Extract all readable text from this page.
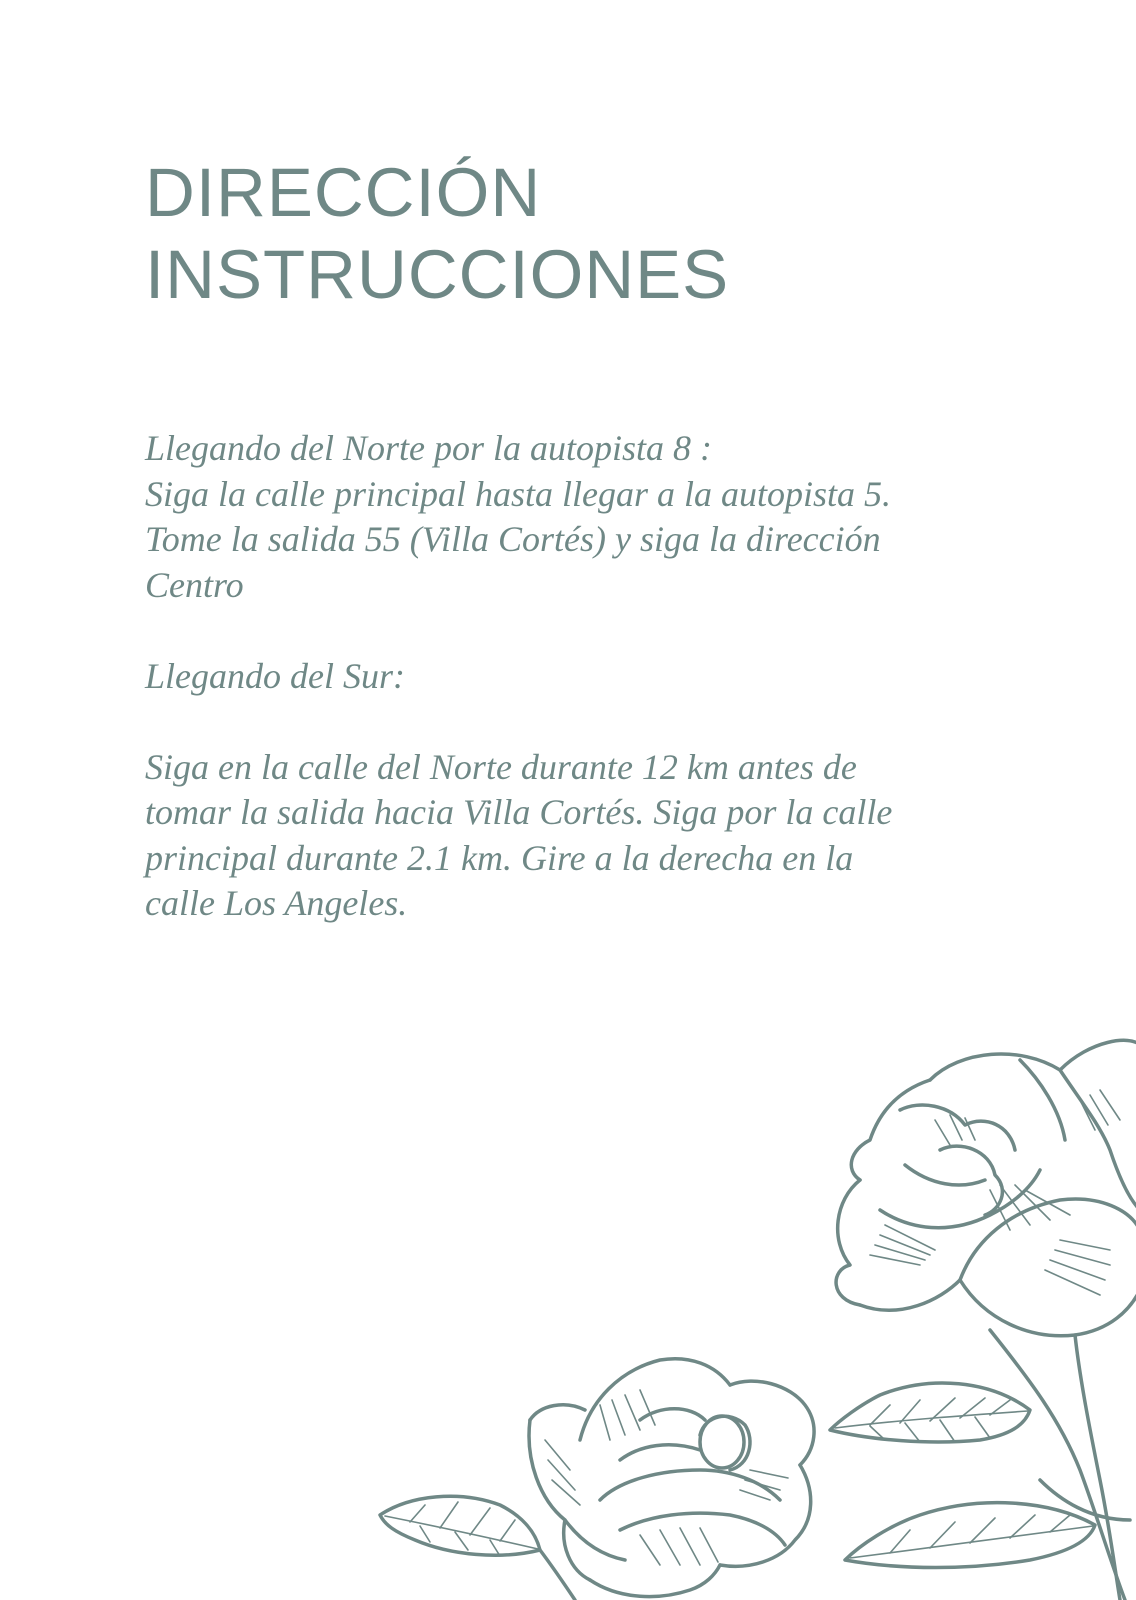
DIRECCIÓN
INSTRUCCIONES

Llegando del Norte por la autopista 8 :
Siga la calle principal hasta llegar a la autopista 5.
Tome la salida 55 (Villa Cortés) y siga la dirección
Centro

Llegando del Sur:

Siga en la calle del Norte durante 12 km antes de
tomar la salida hacia Villa Cortés. Siga por la calle
principal durante 2.1 km. Gire a la derecha en la
calle Los Angeles.
